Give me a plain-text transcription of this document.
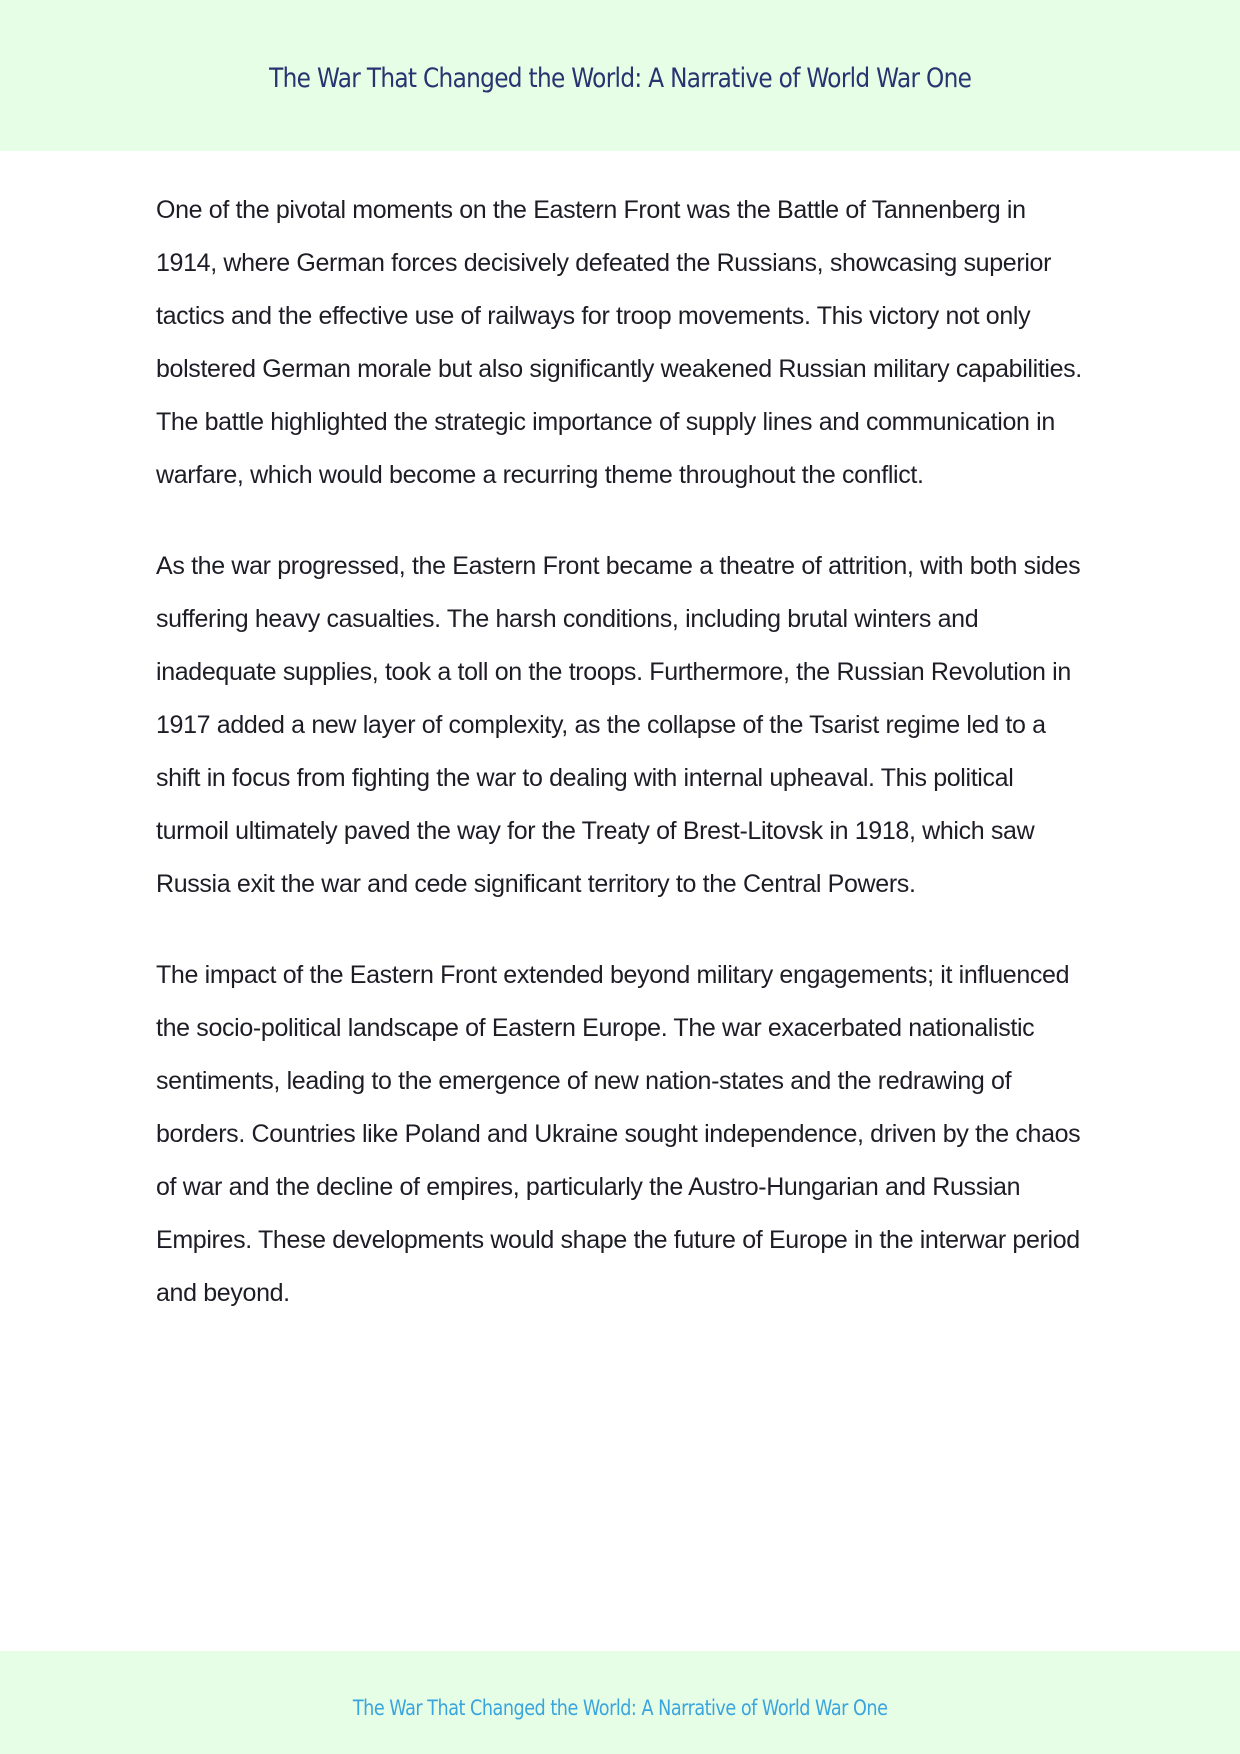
The War That Changed the World: A Narrative of World War One

One of the pivotal moments on the Eastern Front was the Battle of Tannenberg in 1914, where German forces decisively defeated the Russians, showcasing superior tactics and the effective use of railways for troop movements. This victory not only bolstered German morale but also significantly weakened Russian military capabilities. The battle highlighted the strategic importance of supply lines and communication in warfare, which would become a recurring theme throughout the conflict.

As the war progressed, the Eastern Front became a theatre of attrition, with both sides suffering heavy casualties. The harsh conditions, including brutal winters and inadequate supplies, took a toll on the troops. Furthermore, the Russian Revolution in 1917 added a new layer of complexity, as the collapse of the Tsarist regime led to a shift in focus from fighting the war to dealing with internal upheaval. This political turmoil ultimately paved the way for the Treaty of Brest-Litovsk in 1918, which saw Russia exit the war and cede significant territory to the Central Powers.

The impact of the Eastern Front extended beyond military engagements; it influenced the socio-political landscape of Eastern Europe. The war exacerbated nationalistic sentiments, leading to the emergence of new nation-states and the redrawing of borders. Countries like Poland and Ukraine sought independence, driven by the chaos of war and the decline of empires, particularly the Austro-Hungarian and Russian Empires. These developments would shape the future of Europe in the interwar period and beyond.

The War That Changed the World: A Narrative of World War One
